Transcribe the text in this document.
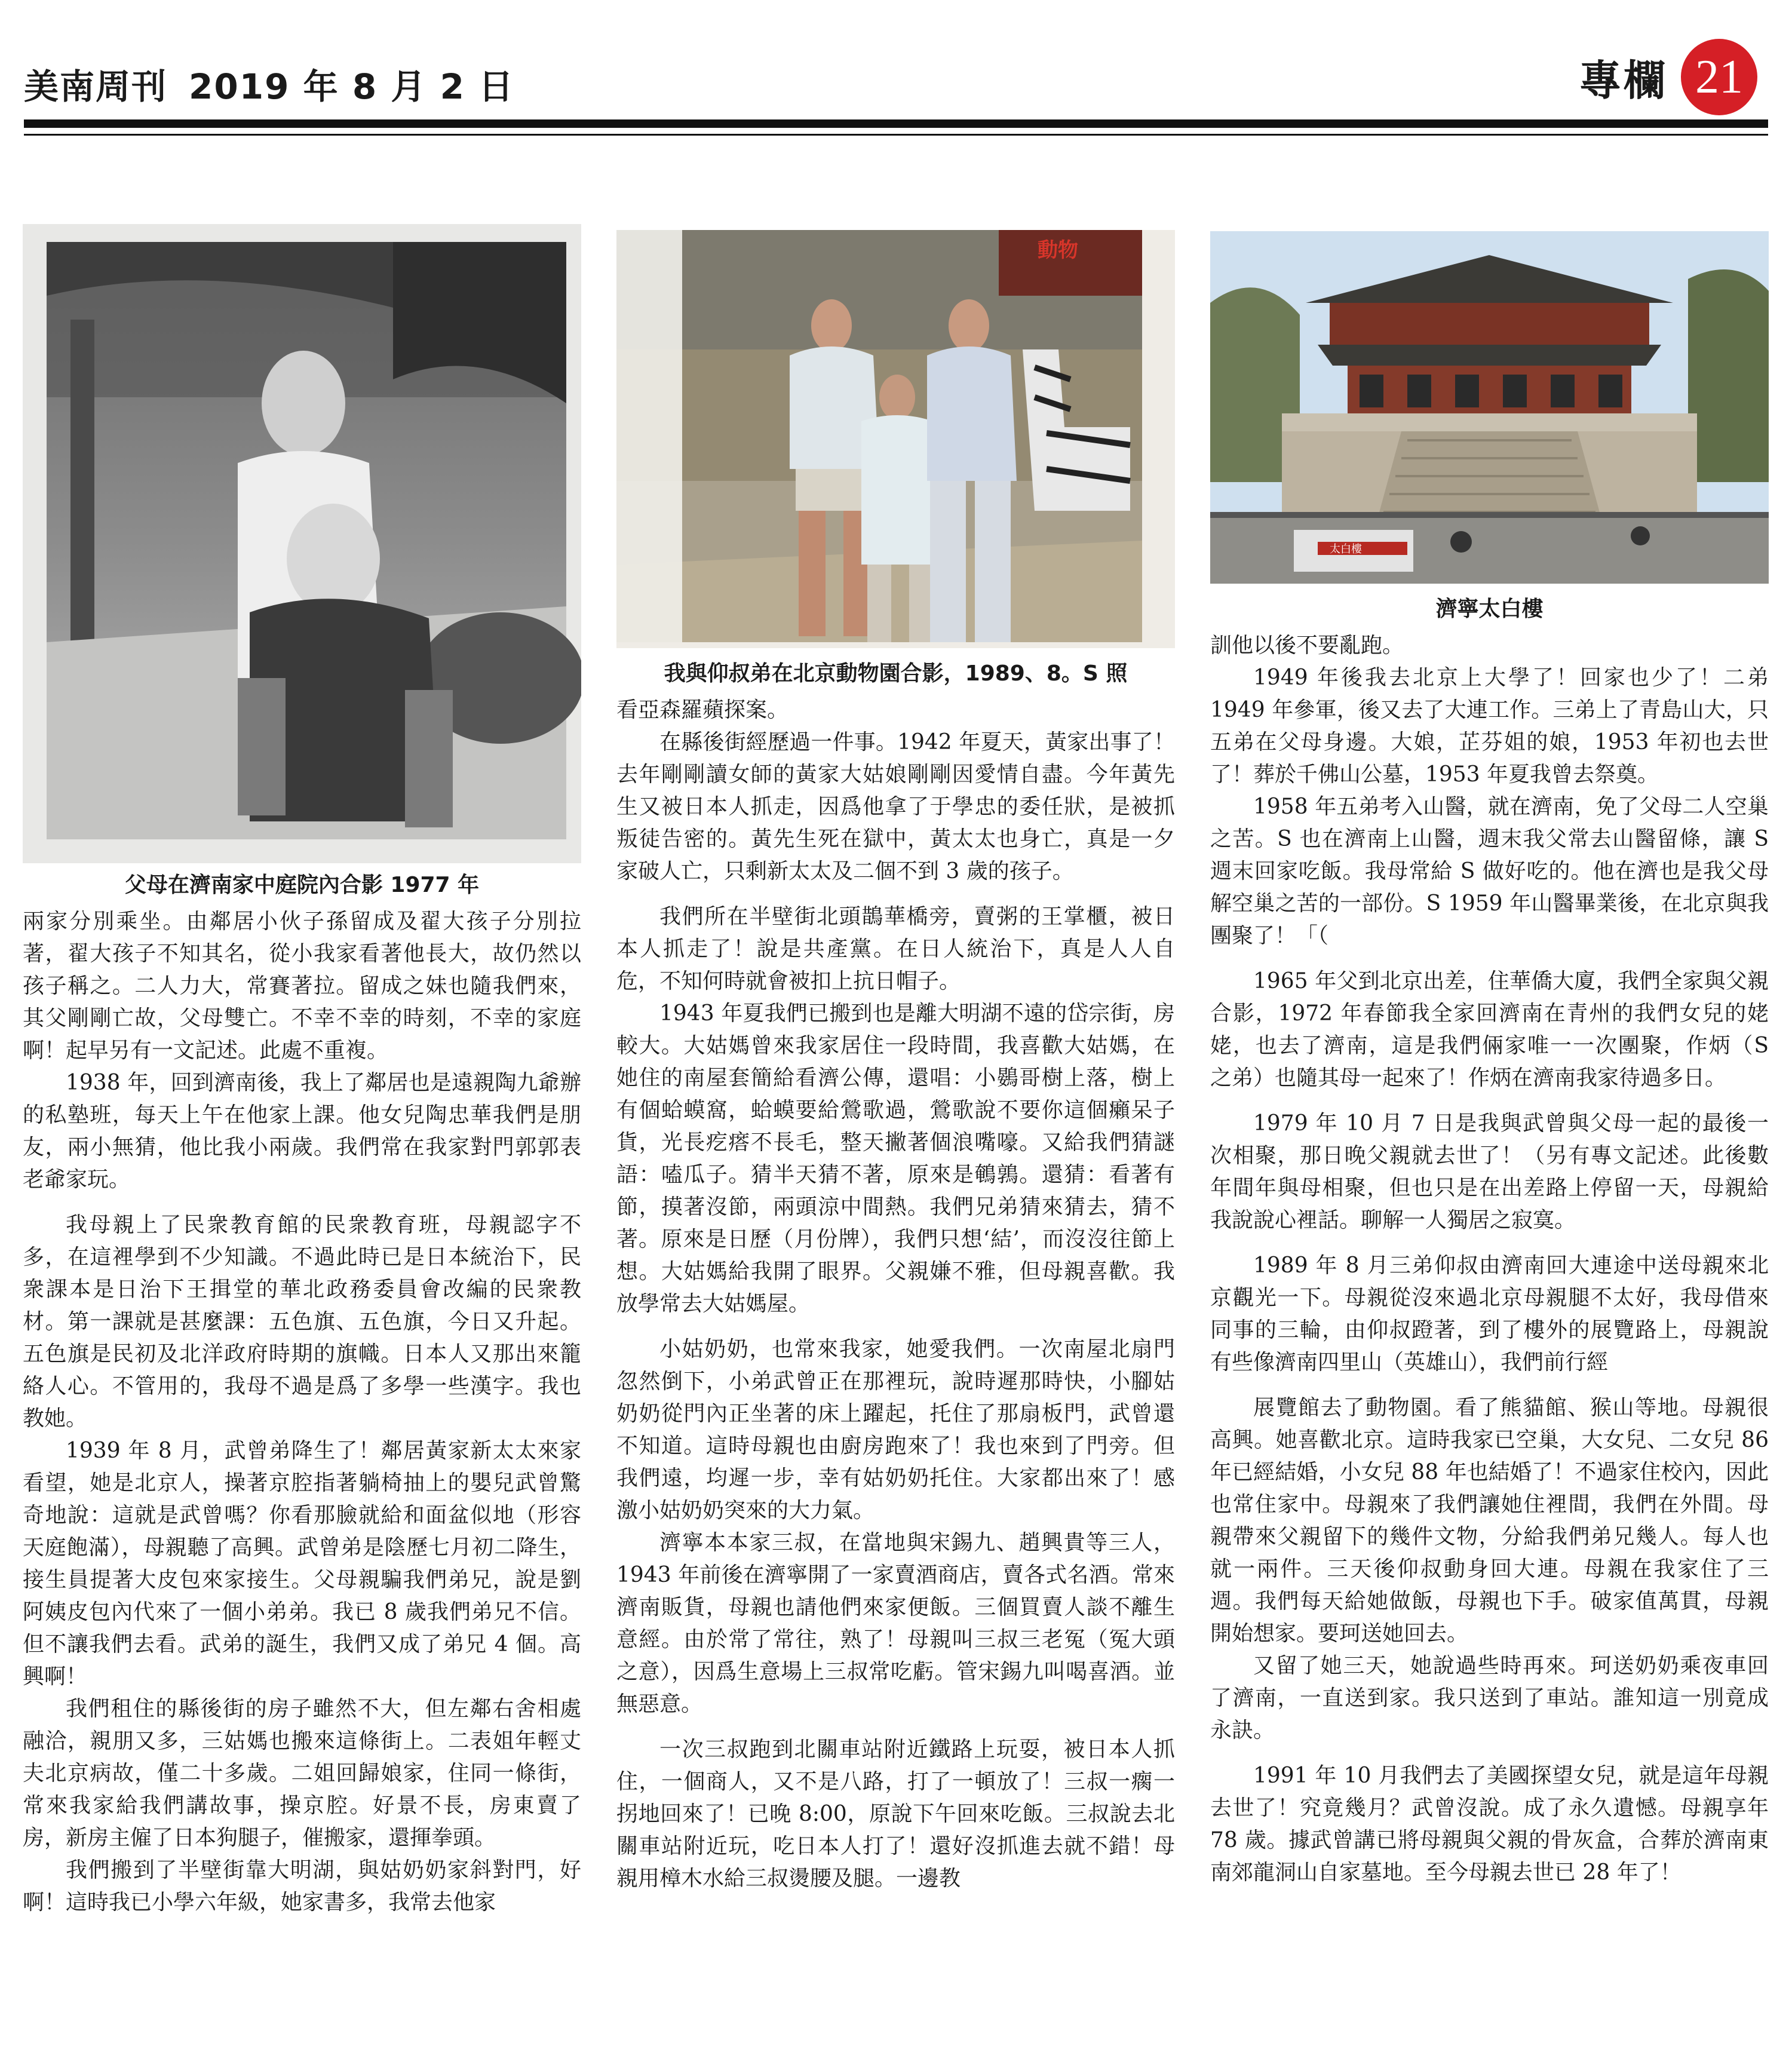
美南周刊 2019 年 8 月 2 日	專欄 21
父母在濟南家中庭院內合影 1977 年

兩家分別乘坐。由鄰居小伙子孫留成及翟大孩子分別拉著，翟大孩子不知其名，從小我家看著他長大，故仍然以孩子稱之。二人力大，常賽著拉。留成之妹也隨我們來，其父剛剛亡故，父母雙亡。不幸不幸的時刻，不幸的家庭啊！起早另有一文記述。此處不重複。

1938 年，回到濟南後，我上了鄰居也是遠親陶九爺辦的私塾班，每天上午在他家上課。他女兒陶忠華我們是朋友，兩小無猜，他比我小兩歲。我們常在我家對門郭郭表老爺家玩。

我母親上了民衆教育館的民衆教育班，母親認字不多，在這裡學到不少知識。不過此時已是日本統治下，民衆課本是日治下王揖堂的華北政務委員會改編的民衆教材。第一課就是甚麼課：五色旗、五色旗，今日又升起。五色旗是民初及北洋政府時期的旗幟。日本人又那出來籠絡人心。不管用的，我母不過是爲了多學一些漢字。我也教她。

1939 年 8 月，武曾弟降生了！鄰居黃家新太太來家看望，她是北京人，操著京腔指著躺椅抽上的嬰兒武曾驚奇地說：這就是武曾嗎？你看那臉就給和面盆似地（形容天庭飽滿），母親聽了高興。武曾弟是陰歷七月初二降生，接生員提著大皮包來家接生。父母親騙我們弟兄，說是劉阿姨皮包內代來了一個小弟弟。我已 8 歲我們弟兄不信。但不讓我們去看。武弟的誕生，我們又成了弟兄 4 個。高興啊！

我們租住的縣後街的房子雖然不大，但左鄰右舍相處融洽，親朋又多，三姑媽也搬來這條街上。二表姐年輕丈夫北京病故，僅二十多歲。二姐回歸娘家，住同一條街，常來我家給我們講故事，操京腔。好景不長，房東賣了房，新房主僱了日本狗腿子，催搬家，還揮拳頭。

我們搬到了半壁街靠大明湖，與姑奶奶家斜對門，好啊！這時我已小學六年級，她家書多，我常去他家

動物
我與仰叔弟在北京動物園合影，1989、8。S 照

看亞森羅蘋探案。

在縣後街經歷過一件事。1942 年夏天，黃家出事了！去年剛剛讀女師的黃家大姑娘剛剛因愛情自盡。今年黃先生又被日本人抓走，因爲他拿了于學忠的委任狀，是被抓叛徒告密的。黃先生死在獄中，黃太太也身亡，真是一夕家破人亡，只剩新太太及二個不到 3 歲的孩子。

我們所在半壁街北頭鵲華橋旁，賣粥的王掌櫃，被日本人抓走了！說是共產黨。在日人統治下，真是人人自危，不知何時就會被扣上抗日帽子。

1943 年夏我們已搬到也是離大明湖不遠的岱宗街，房較大。大姑媽曾來我家居住一段時間，我喜歡大姑媽，在她住的南屋套簡給看濟公傳，還唱：小鷃哥樹上落，樹上有個蛤蟆窩，蛤蟆要給鶯歌過，鶯歌說不要你這個癩呆子貨，光長疙瘩不長毛，整天撇著個浪嘴嚎。又給我們猜謎語：嗑瓜子。猜半天猜不著，原來是鵪鶉。還猜：看著有節，摸著沒節，兩頭涼中間熱。我們兄弟猜來猜去，猜不著。原來是日歷（月份牌），我們只想‘結’，而沒沒往節上想。大姑媽給我開了眼界。父親嫌不雅，但母親喜歡。我放學常去大姑媽屋。

小姑奶奶，也常來我家，她愛我們。一次南屋北扇門忽然倒下，小弟武曾正在那裡玩，說時遲那時快，小腳姑奶奶從門內正坐著的床上躍起，托住了那扇板門，武曾還不知道。這時母親也由廚房跑來了！我也來到了門旁。但我們遠，均遲一步，幸有姑奶奶托住。大家都出來了！感激小姑奶奶突來的大力氣。

濟寧本本家三叔，在當地與宋錫九、趙興貴等三人，1943 年前後在濟寧開了一家賣酒商店，賣各式名酒。常來濟南販貨，母親也請他們來家便飯。三個買賣人談不離生意經。由於常了常往，熟了！母親叫三叔三老冤（冤大頭之意），因爲生意場上三叔常吃虧。管宋錫九叫喝喜酒。並無惡意。

一次三叔跑到北關車站附近鐵路上玩耍，被日本人抓住，一個商人，又不是八路，打了一頓放了！三叔一瘸一拐地回來了！已晚 8:00，原說下午回來吃飯。三叔說去北關車站附近玩，吃日本人打了！還好沒抓進去就不錯！母親用樟木水給三叔燙腰及腿。一邊教

太白樓
濟寧太白樓

訓他以後不要亂跑。

1949 年後我去北京上大學了！回家也少了！二弟 1949 年參軍，後又去了大連工作。三弟上了青島山大，只五弟在父母身邊。大娘，芷芬姐的娘，1953 年初也去世了！葬於千佛山公墓，1953 年夏我曾去祭奠。

1958 年五弟考入山醫，就在濟南，免了父母二人空巢之苦。S 也在濟南上山醫，週末我父常去山醫留條，讓 S 週末回家吃飯。我母常給 S 做好吃的。他在濟也是我父母解空巢之苦的一部份。S 1959 年山醫畢業後，在北京與我團聚了！「（

1965 年父到北京出差，住華僑大廈，我們全家與父親合影，1972 年春節我全家回濟南在青州的我們女兒的姥姥，也去了濟南，這是我們倆家唯一一次團聚，作炳（S 之弟）也隨其母一起來了！作炳在濟南我家待過多日。

1979 年 10 月 7 日是我與武曾與父母一起的最後一次相聚，那日晚父親就去世了！（另有專文記述。此後數年間年與母相聚，但也只是在出差路上停留一天，母親給我說說心裡話。聊解一人獨居之寂寞。

1989 年 8 月三弟仰叔由濟南回大連途中送母親來北京觀光一下。母親從沒來過北京母親腿不太好，我母借來同事的三輪，由仰叔蹬著，到了樓外的展覽路上，母親說有些像濟南四里山（英雄山），我們前行經

展覽館去了動物園。看了熊貓館、猴山等地。母親很高興。她喜歡北京。這時我家已空巢，大女兒、二女兒 86 年已經結婚，小女兒 88 年也結婚了！不過家住校內，因此也常住家中。母親來了我們讓她住裡間，我們在外間。母親帶來父親留下的幾件文物，分給我們弟兄幾人。每人也就一兩件。三天後仰叔動身回大連。母親在我家住了三週。我們每天給她做飯，母親也下手。破家值萬貫，母親開始想家。要珂送她回去。

又留了她三天，她說過些時再來。珂送奶奶乘夜車回了濟南，一直送到家。我只送到了車站。誰知這一別竟成永訣。

1991 年 10 月我們去了美國探望女兒，就是這年母親去世了！究竟幾月？武曾沒說。成了永久遺憾。母親享年 78 歲。據武曾講已將母親與父親的骨灰盒，合葬於濟南東南郊龍洞山自家墓地。至今母親去世已 28 年了！
